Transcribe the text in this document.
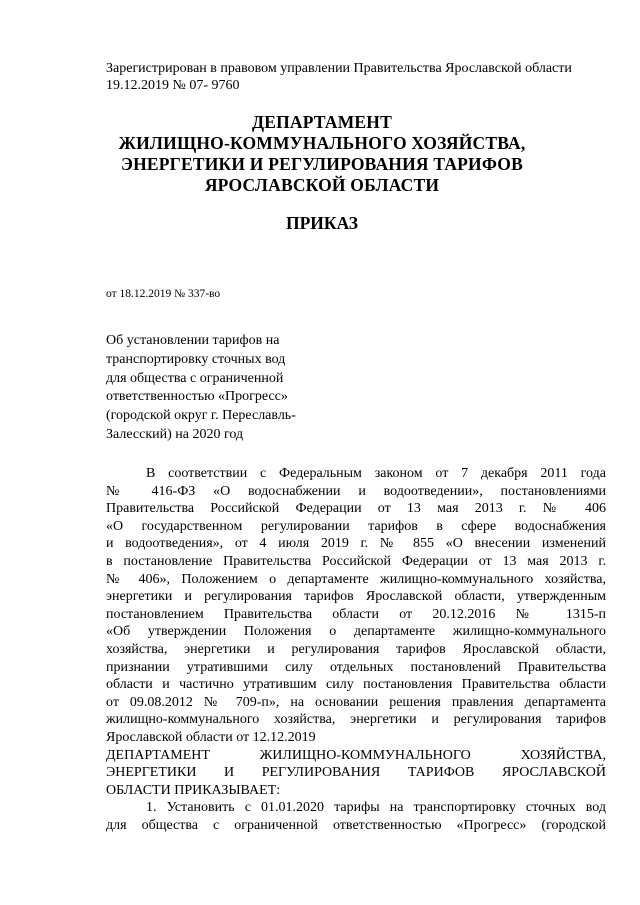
Зарегистрирован в правовом управлении Правительства Ярославской области
19.12.2019 № 07- 9760
ДЕПАРТАМЕНТ
ЖИЛИЩНО-КОММУНАЛЬНОГО ХОЗЯЙСТВА,
ЭНЕРГЕТИКИ И РЕГУЛИРОВАНИЯ ТАРИФОВ
ЯРОСЛАВСКОЙ ОБЛАСТИ
ПРИКАЗ
от 18.12.2019 № 337-во
Об установлении тарифов на
транспортировку сточных вод
для общества с ограниченной
ответственностью «Прогресс»
(городской округ г. Переславль-
Залесский) на 2020 год
В соответствии с Федеральным законом от 7 декабря 2011 года
№ 416-ФЗ «О водоснабжении и водоотведении», постановлениями
Правительства Российской Федерации от 13 мая 2013 г. № 406
«О государственном регулировании тарифов в сфере водоснабжения
и водоотведения», от 4 июля 2019 г. № 855 «О внесении изменений
в постановление Правительства Российской Федерации от 13 мая 2013 г.
№ 406», Положением о департаменте жилищно-коммунального хозяйства,
энергетики и регулирования тарифов Ярославской области, утвержденным
постановлением Правительства области от 20.12.2016 № 1315-п
«Об утверждении Положения о департаменте жилищно-коммунального
хозяйства, энергетики и регулирования тарифов Ярославской области,
признании утратившими силу отдельных постановлений Правительства
области и частично утратившим силу постановления Правительства области
от 09.08.2012 № 709-п», на основании решения правления департамента
жилищно-коммунального хозяйства, энергетики и регулирования тарифов
Ярославской области от 12.12.2019
ДЕПАРТАМЕНТ ЖИЛИЩНО-КОММУНАЛЬНОГО ХОЗЯЙСТВА,
ЭНЕРГЕТИКИ И РЕГУЛИРОВАНИЯ ТАРИФОВ ЯРОСЛАВСКОЙ
ОБЛАСТИ ПРИКАЗЫВАЕТ:
1. Установить с 01.01.2020 тарифы на транспортировку сточных вод
для общества с ограниченной ответственностью «Прогресс» (городской
